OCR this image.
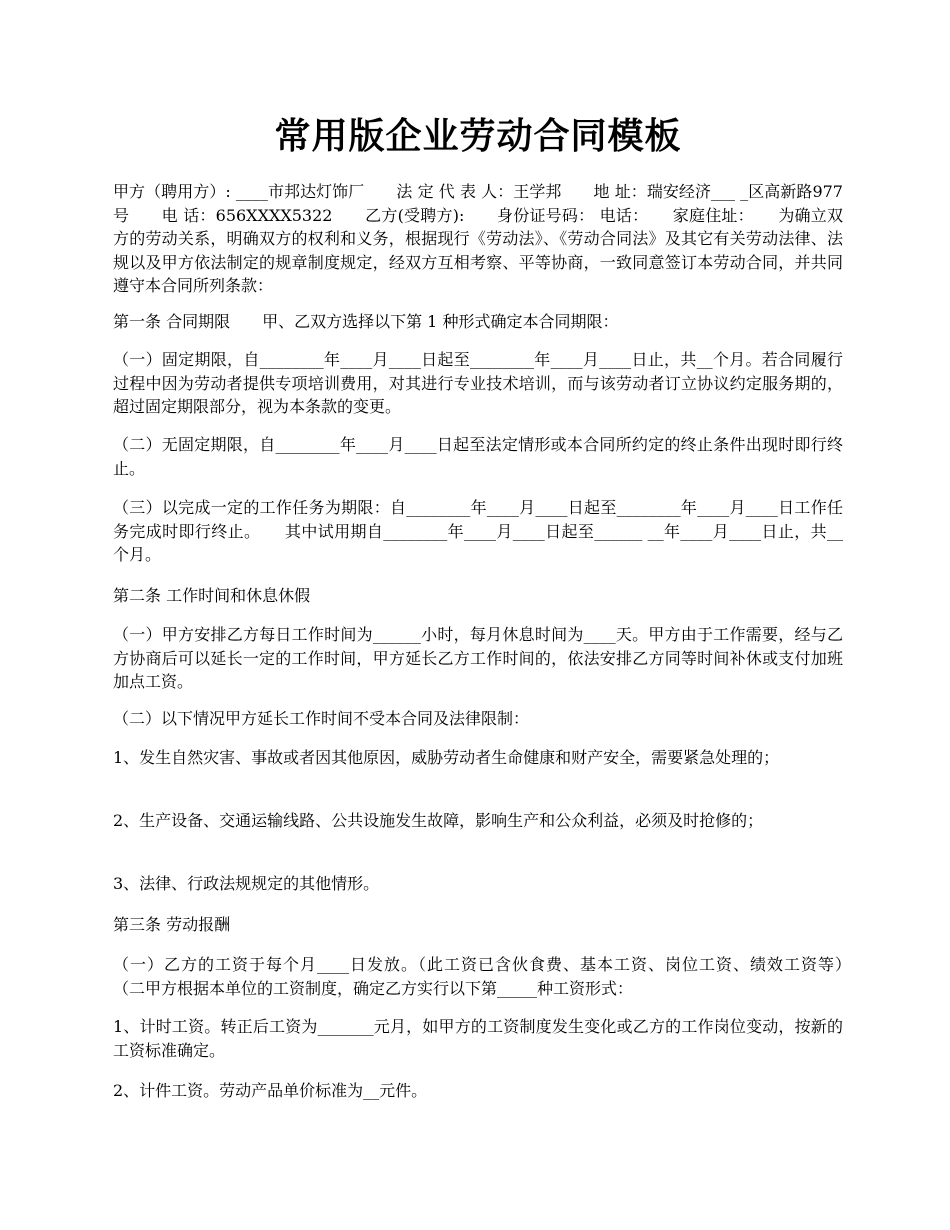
常用版企业劳动合同模板

甲方（聘用方）: ____市邦达灯饰厂　　法 定 代 表 人：王学邦　　地 址：瑞安经济___ _区高新路977号　　电 话：656XXXX5322　　乙方(受聘方):　　身份证号码： 电话：　　家庭住址：　　为确立双方的劳动关系，明确双方的权利和义务，根据现行《劳动法》、《劳动合同法》及其它有关劳动法律、法规以及甲方依法制定的规章制度规定，经双方互相考察、平等协商，一致同意签订本劳动合同，并共同遵守本合同所列条款：

第一条 合同期限　　甲、乙双方选择以下第 1 种形式确定本合同期限：

（一）固定期限，自________年____月____日起至________年____月____日止，共__个月。若合同履行过程中因为劳动者提供专项培训费用，对其进行专业技术培训，而与该劳动者订立协议约定服务期的，超过固定期限部分，视为本条款的变更。

（二）无固定期限，自________年____月____日起至法定情形或本合同所约定的终止条件出现时即行终止。

（三）以完成一定的工作任务为期限：自________年____月____日起至________年____月____日工作任务完成时即行终止。　　其中试用期自________年____月____日起至______ __年____月____日止，共__个月。

第二条 工作时间和休息休假

（一）甲方安排乙方每日工作时间为______小时，每月休息时间为____天。甲方由于工作需要，经与乙方协商后可以延长一定的工作时间，甲方延长乙方工作时间的，依法安排乙方同等时间补休或支付加班加点工资。

（二）以下情况甲方延长工作时间不受本合同及法律限制：

1、发生自然灾害、事故或者因其他原因，威胁劳动者生命健康和财产安全，需要紧急处理的；

2、生产设备、交通运输线路、公共设施发生故障，影响生产和公众利益，必须及时抢修的；

3、法律、行政法规规定的其他情形。

第三条 劳动报酬

（一）乙方的工资于每个月____日发放。（此工资已含伙食费、基本工资、岗位工资、绩效工资等）　　（二甲方根据本单位的工资制度，确定乙方实行以下第_____种工资形式：

1、计时工资。转正后工资为_______元月，如甲方的工资制度发生变化或乙方的工作岗位变动，按新的工资标准确定。

2、计件工资。劳动产品单价标准为__元件。
